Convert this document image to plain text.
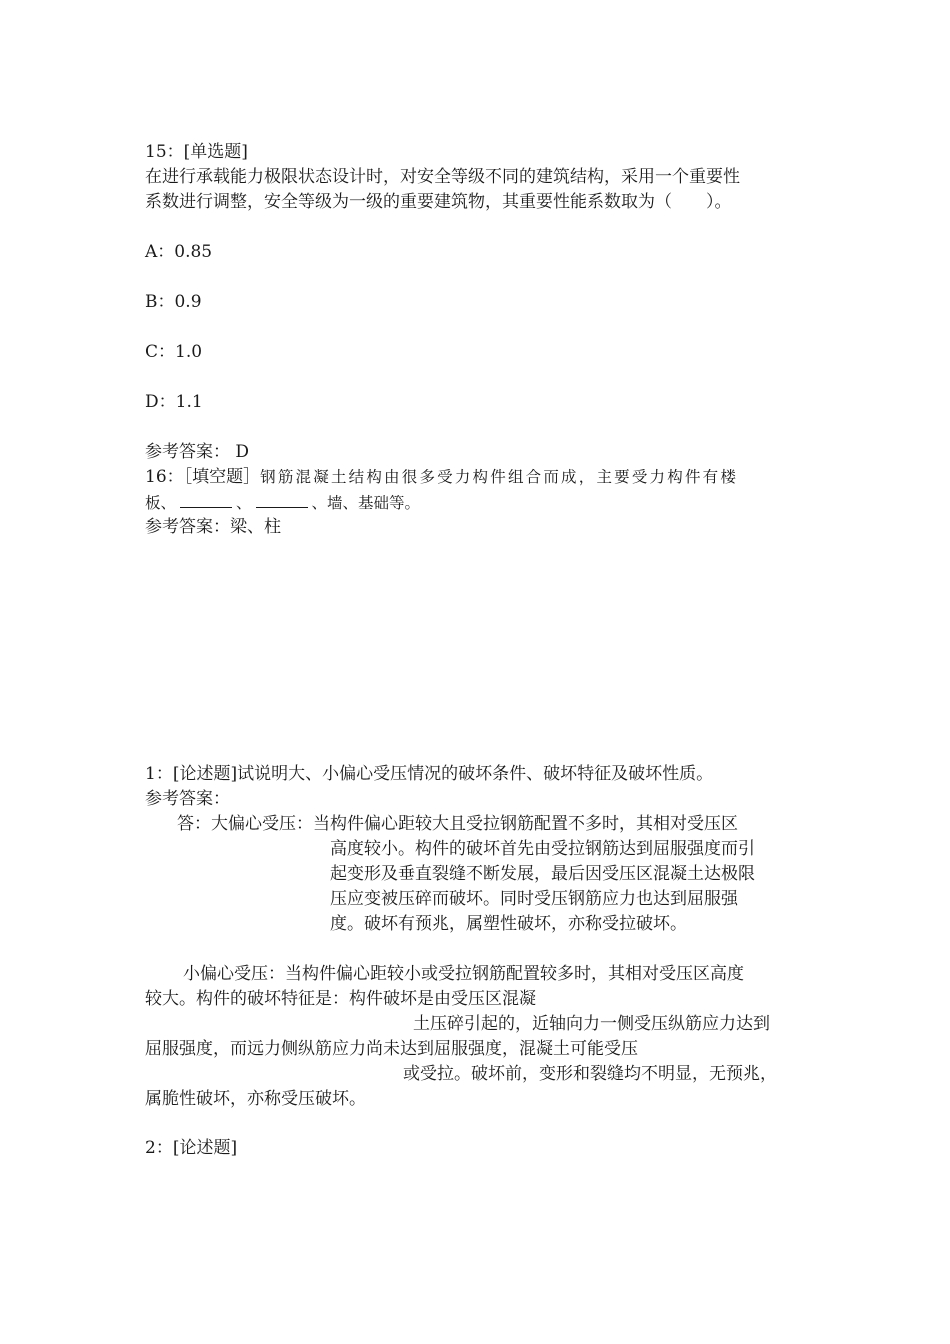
15：[单选题]
在进行承载能力极限状态设计时，对安全等级不同的建筑结构，采用一个重要性
系数进行调整，安全等级为一级的重要建筑物，其重要性能系数取为（　　）。
A：0.85
B：0.9
C：1.0
D：1.1
参考答案： D
16：［填空题］钢筋混凝土结构由很多受力构件组合而成，主要受力构件有楼
板、	、	、墙、基础等。
参考答案：梁、柱
1：[论述题]试说明大、小偏心受压情况的破坏条件、破坏特征及破坏性质。
参考答案：
答：大偏心受压：当构件偏心距较大且受拉钢筋配置不多时，其相对受压区
高度较小。构件的破坏首先由受拉钢筋达到屈服强度而引
起变形及垂直裂缝不断发展，最后因受压区混凝土达极限
压应变被压碎而破坏。同时受压钢筋应力也达到屈服强
度。破坏有预兆，属塑性破坏，亦称受拉破坏。
小偏心受压：当构件偏心距较小或受拉钢筋配置较多时，其相对受压区高度
较大。构件的破坏特征是：构件破坏是由受压区混凝
土压碎引起的，近轴向力一侧受压纵筋应力达到
屈服强度，而远力侧纵筋应力尚未达到屈服强度，混凝土可能受压
或受拉。破坏前，变形和裂缝均不明显，无预兆，
属脆性破坏，亦称受压破坏。
2：[论述题]
